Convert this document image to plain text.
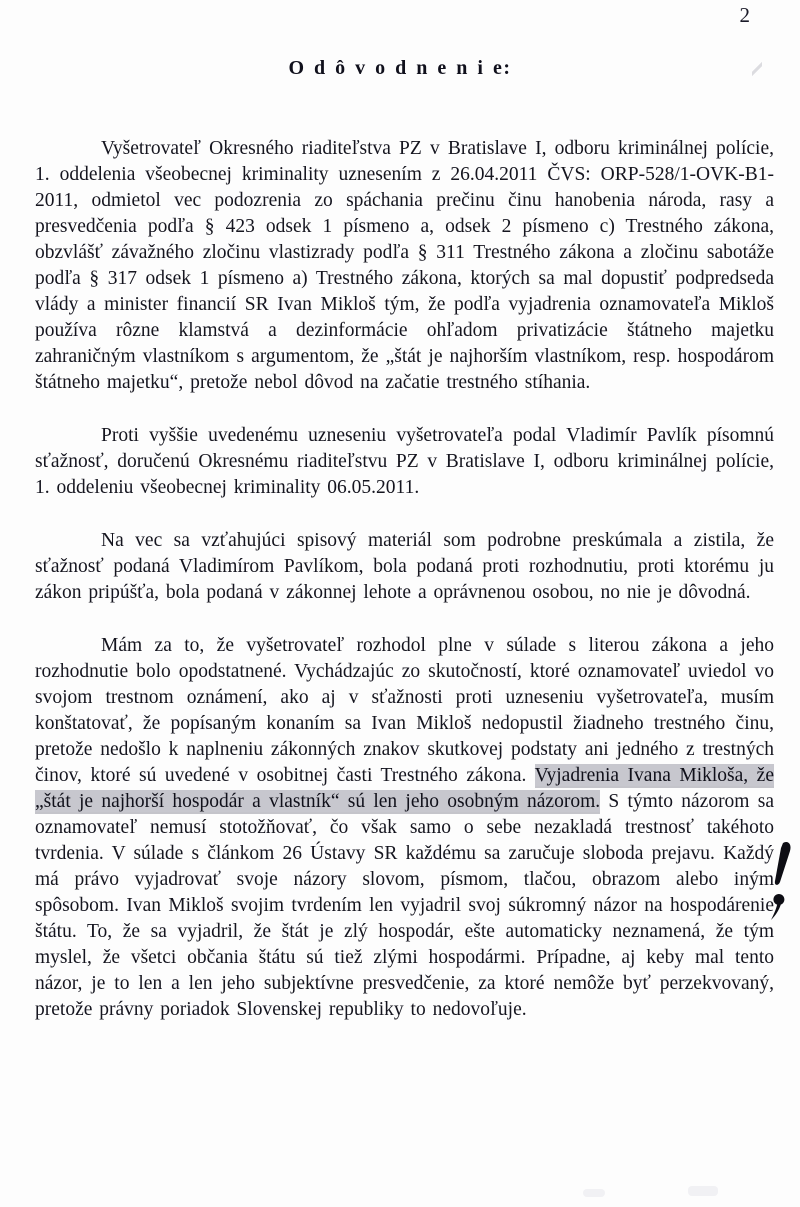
2
O d ô v o d n e n i e:

Vyšetrovateľ Okresného riaditeľstva PZ v Bratislave I, odboru kriminálnej polície, 1. oddelenia všeobecnej kriminality uznesením z 26.04.2011 ČVS: ORP-528/1-OVK-B1-2011, odmietol vec podozrenia zo spáchania prečinu činu hanobenia národa, rasy a presvedčenia podľa § 423 odsek 1 písmeno a, odsek 2 písmeno c) Trestného zákona, obzvlášť závažného zločinu vlastizrady podľa § 311 Trestného zákona a zločinu sabotáže podľa § 317 odsek 1 písmeno a) Trestného zákona, ktorých sa mal dopustiť podpredseda vlády a minister financií SR Ivan Mikloš tým, že podľa vyjadrenia oznamovateľa Mikloš používa rôzne klamstvá a dezinformácie ohľadom privatizácie štátneho majetku zahraničným vlastníkom s argumentom, že „štát je najhorším vlastníkom, resp. hospodárom štátneho majetku“, pretože nebol dôvod na začatie trestného stíhania.

Proti vyššie uvedenému uzneseniu vyšetrovateľa podal Vladimír Pavlík písomnú sťažnosť, doručenú Okresnému riaditeľstvu PZ v Bratislave I, odboru kriminálnej polície, 1. oddeleniu všeobecnej kriminality 06.05.2011.

Na vec sa vzťahujúci spisový materiál som podrobne preskúmala a zistila, že sťažnosť podaná Vladimírom Pavlíkom, bola podaná proti rozhodnutiu, proti ktorému ju zákon pripúšťa, bola podaná v zákonnej lehote a oprávnenou osobou, no nie je dôvodná.

Mám za to, že vyšetrovateľ rozhodol plne v súlade s literou zákona a jeho rozhodnutie bolo opodstatnené. Vychádzajúc zo skutočností, ktoré oznamovateľ uviedol vo svojom trestnom oznámení, ako aj v sťažnosti proti uzneseniu vyšetrovateľa, musím konštatovať, že popísaným konaním sa Ivan Mikloš nedopustil žiadneho trestného činu, pretože nedošlo k naplneniu zákonných znakov skutkovej podstaty ani jedného z trestných činov, ktoré sú uvedené v osobitnej časti Trestného zákona. Vyjadrenia Ivana Mikloša, že „štát je najhorší hospodár a vlastník“ sú len jeho osobným názorom. S týmto názorom sa oznamovateľ nemusí stotožňovať, čo však samo o sebe nezakladá trestnosť takéhoto tvrdenia. V súlade s článkom 26 Ústavy SR každému sa zaručuje sloboda prejavu. Každý má právo vyjadrovať svoje názory slovom, písmom, tlačou, obrazom alebo iným spôsobom. Ivan Mikloš svojim tvrdením len vyjadril svoj súkromný názor na hospodárenie štátu. To, že sa vyjadril, že štát je zlý hospodár, ešte automaticky neznamená, že tým myslel, že všetci občania štátu sú tiež zlými hospodármi. Prípadne, aj keby mal tento názor, je to len a len jeho subjektívne presvedčenie, za ktoré nemôže byť perzekvovaný, pretože právny poriadok Slovenskej republiky to nedovoľuje.
